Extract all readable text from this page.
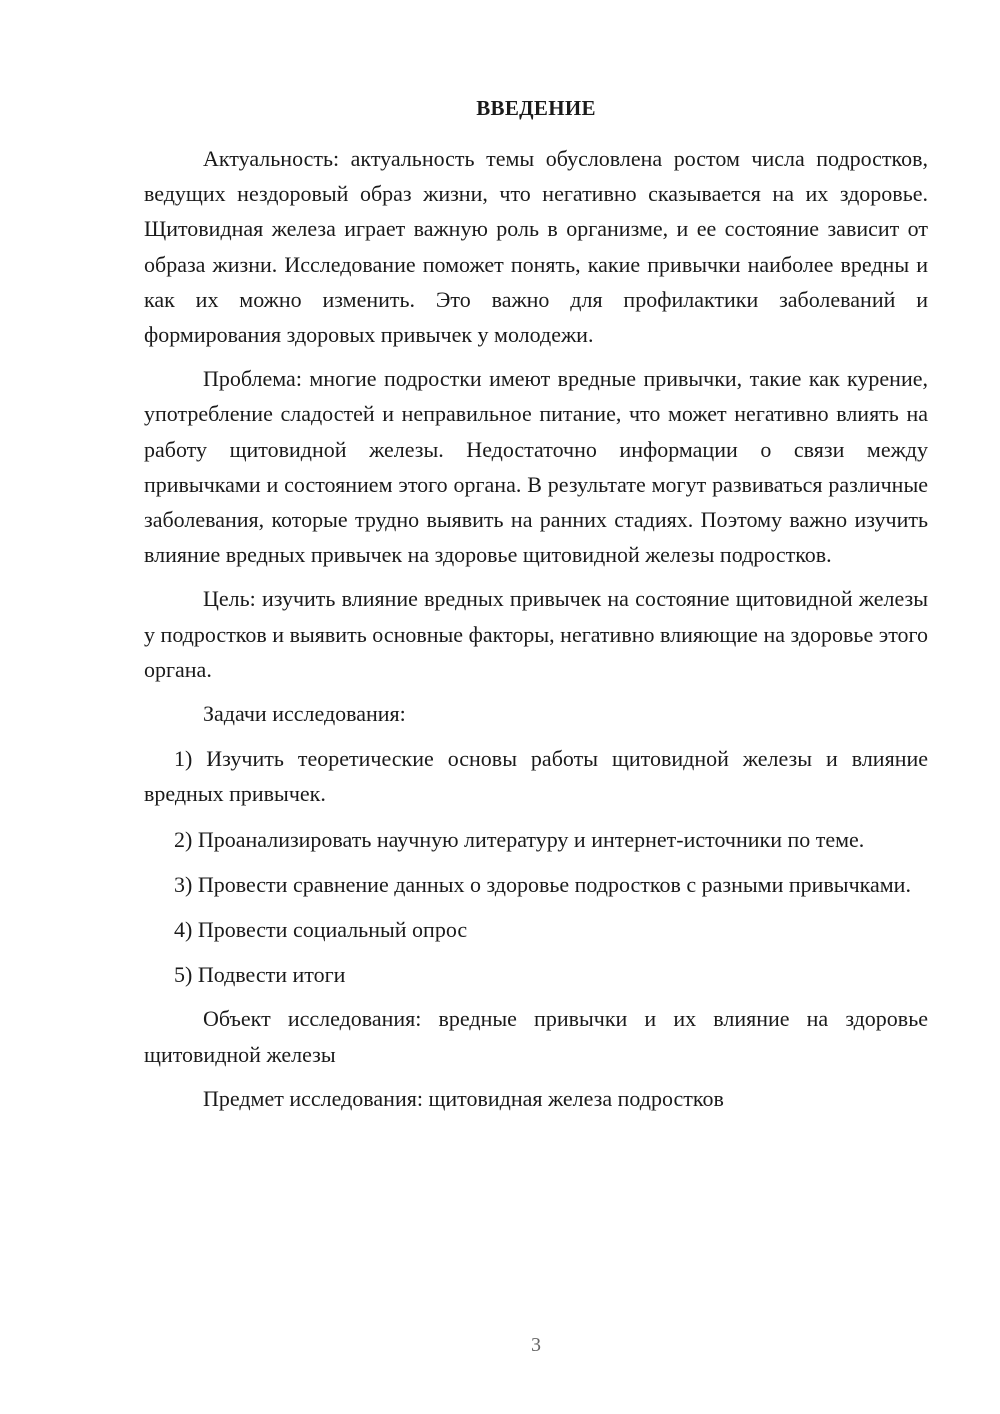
ВВЕДЕНИЕ

Актуальность: актуальность темы обусловлена ростом числа подростков, ведущих нездоровый образ жизни, что негативно сказывается на их здоровье. Щитовидная железа играет важную роль в организме, и ее состояние зависит от образа жизни. Исследование поможет понять, какие привычки наиболее вредны и как их можно изменить. Это важно для профилактики заболеваний и формирования здоровых привычек у молодежи.

Проблема: многие подростки имеют вредные привычки, такие как курение, употребление сладостей и неправильное питание, что может негативно влиять на работу щитовидной железы. Недостаточно информации о связи между привычками и состоянием этого органа. В результате могут развиваться различные заболевания, которые трудно выявить на ранних стадиях. Поэтому важно изучить влияние вредных привычек на здоровье щитовидной железы подростков.

Цель: изучить влияние вредных привычек на состояние щитовидной железы у подростков и выявить основные факторы, негативно влияющие на здоровье этого органа.

Задачи исследования:

1) Изучить теоретические основы работы щитовидной железы и влияние вредных привычек.

2) Проанализировать научную литературу и интернет-источники по теме.

3) Провести сравнение данных о здоровье подростков с разными привычками.

4) Провести социальный опрос

5) Подвести итоги

Объект исследования: вредные привычки и их влияние на здоровье щитовидной железы

Предмет исследования: щитовидная железа подростков

3
